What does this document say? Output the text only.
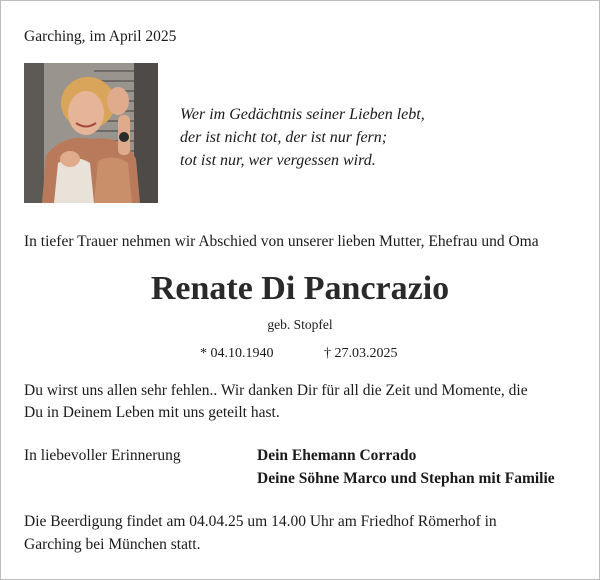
Garching, im April 2025
Wer im Gedächtnis seiner Lieben lebt,
der ist nicht tot, der ist nur fern;
tot ist nur, wer vergessen wird.
In tiefer Trauer nehmen wir Abschied von unserer lieben Mutter, Ehefrau und Oma
Renate Di Pancrazio
geb. Stopfel
* 04.10.1940	† 27.03.2025
Du wirst uns allen sehr fehlen.. Wir danken Dir für all die Zeit und Momente, die
Du in Deinem Leben mit uns geteilt hast.
In liebevoller Erinnerung	Dein Ehemann Corrado
Deine Söhne Marco und Stephan mit Familie
Die Beerdigung findet am 04.04.25 um 14.00 Uhr am Friedhof Römerhof in
Garching bei München statt.
